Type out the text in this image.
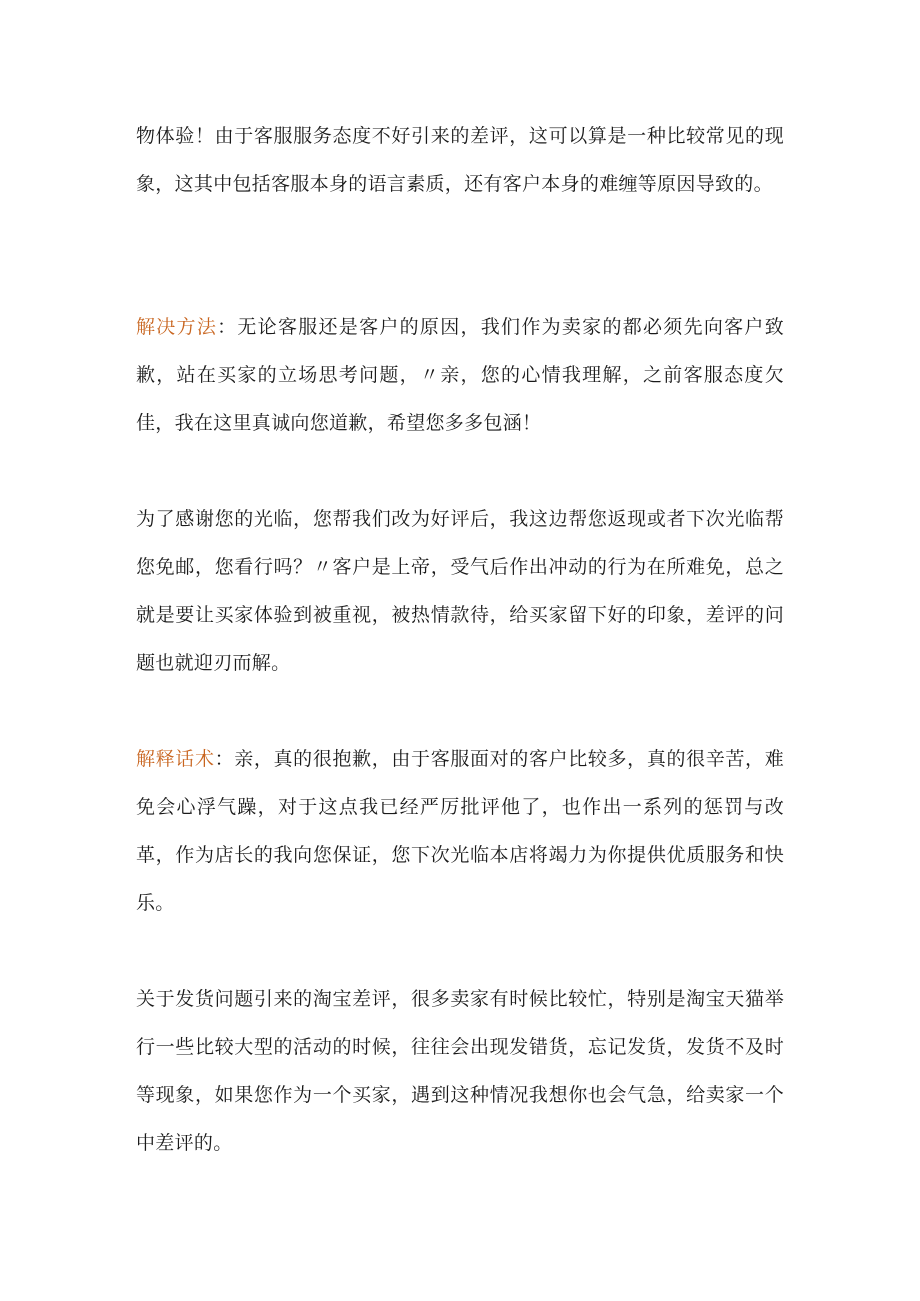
物体验！由于客服服务态度不好引来的差评，这可以算是一种比较常见的现象，这其中包括客服本身的语言素质，还有客户本身的难缠等原因导致的。

解决方法：无论客服还是客户的原因，我们作为卖家的都必须先向客户致歉，站在买家的立场思考问题，〃亲，您的心情我理解，之前客服态度欠佳，我在这里真诚向您道歉，希望您多多包涵！

为了感谢您的光临，您帮我们改为好评后，我这边帮您返现或者下次光临帮您免邮，您看行吗？〃客户是上帝，受气后作出冲动的行为在所难免，总之就是要让买家体验到被重视，被热情款待，给买家留下好的印象，差评的问题也就迎刃而解。

解释话术：亲，真的很抱歉，由于客服面对的客户比较多，真的很辛苦，难免会心浮气躁，对于这点我已经严厉批评他了，也作出一系列的惩罚与改革，作为店长的我向您保证，您下次光临本店将竭力为你提供优质服务和快乐。

关于发货问题引来的淘宝差评，很多卖家有时候比较忙，特别是淘宝天猫举行一些比较大型的活动的时候，往往会出现发错货，忘记发货，发货不及时等现象，如果您作为一个买家，遇到这种情况我想你也会气急，给卖家一个中差评的。
